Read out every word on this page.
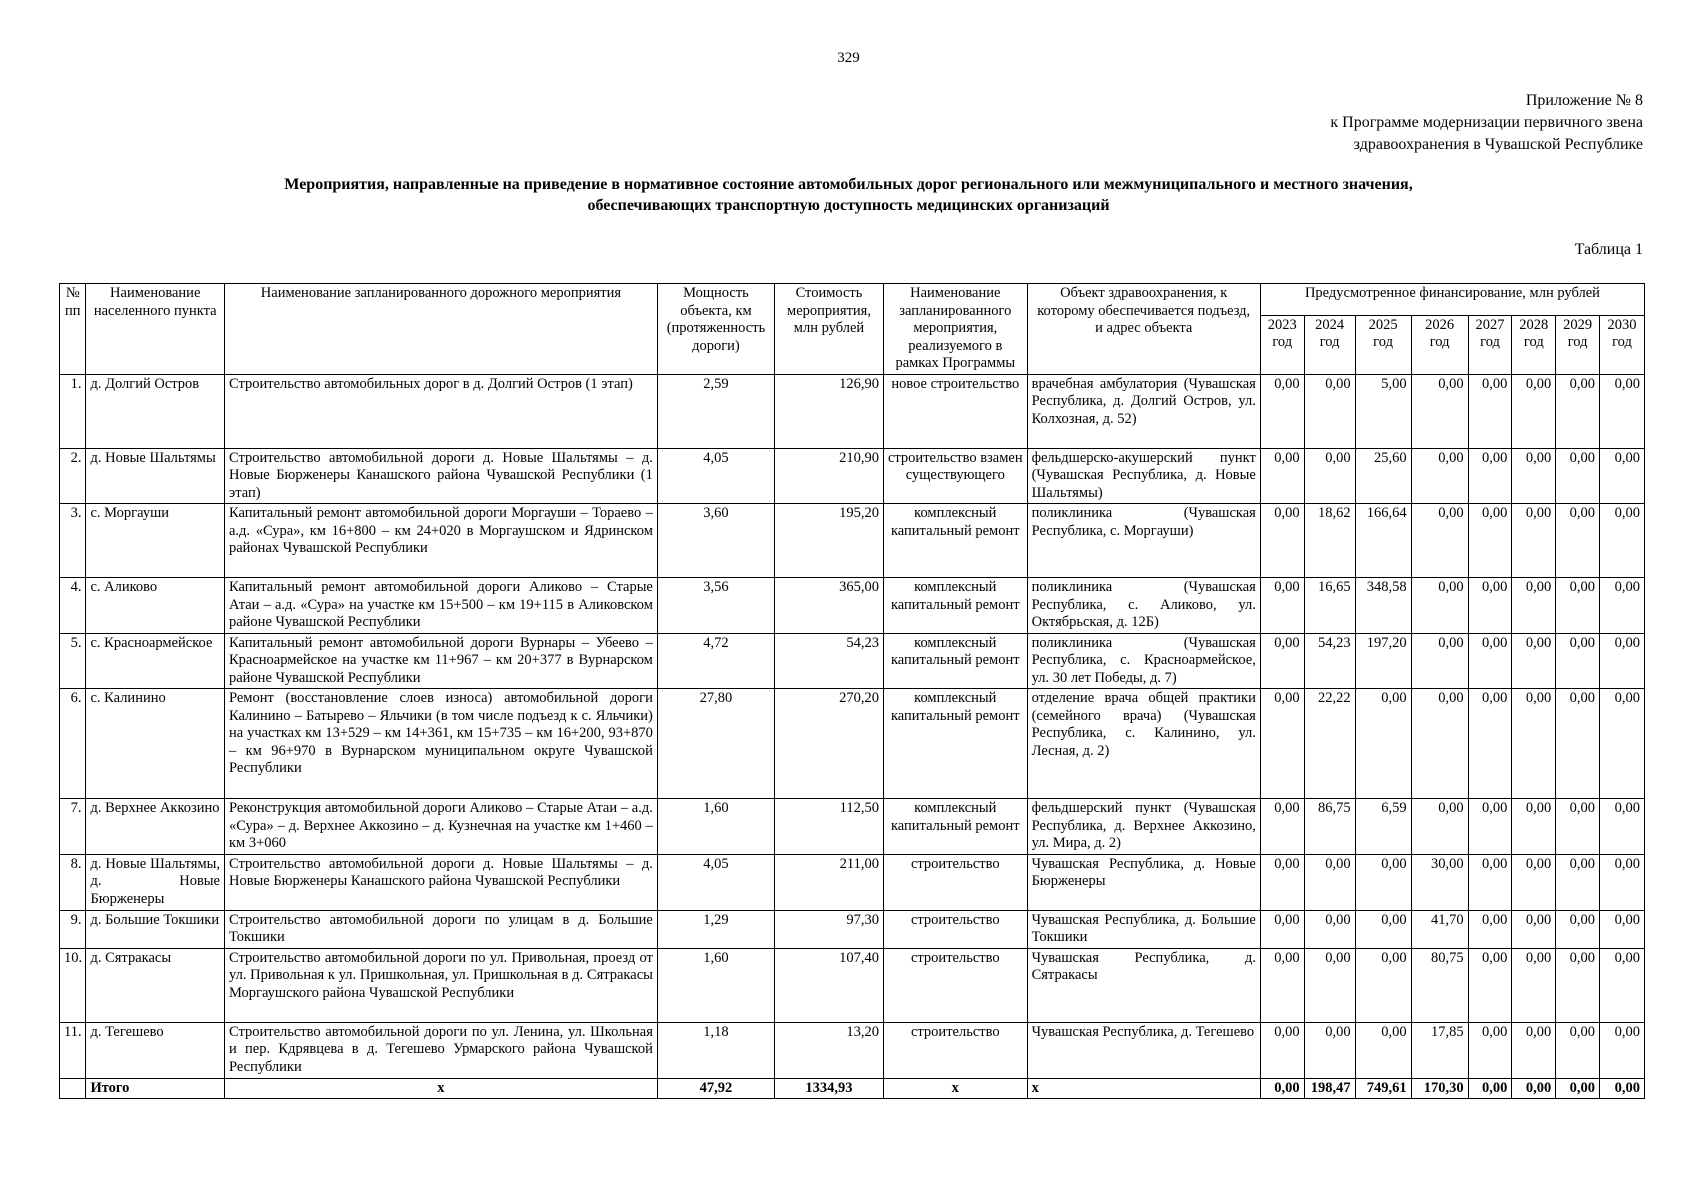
329
Приложение № 8
к Программе модернизации первичного звена
здравоохранения в Чувашской Республике
Мероприятия, направленные на приведение в нормативное состояние автомобильных дорог регионального или межмуниципального и местного значения,
обеспечивающих транспортную доступность медицинских организаций
Таблица 1
№ пп	Наименование населенного пункта	Наименование запланированного дорожного мероприятия	Мощность объекта, км (протяженность дороги)	Стоимость мероприятия, млн рублей	Наименование запланированного мероприятия, реализуемого в рамках Программы	Объект здравоохранения, к которому обеспечивается подъезд, и адрес объекта	Предусмотренное финансирование, млн рублей							
							2023 год	2024 год	2025 год	2026 год	2027 год	2028 год	2029 год	2030 год
1.	д. Долгий Остров	Строительство автомобильных дорог в д. Долгий Остров (1 этап)	2,59	126,90	новое строительство	врачебная амбулатория (Чувашская Республика, д. Долгий Остров, ул. Колхозная, д. 52)	0,00	0,00	5,00	0,00	0,00	0,00	0,00	0,00
2.	д. Новые Шальтямы	Строительство автомобильной дороги д. Новые Шальтямы – д. Новые Бюрженеры Канашского района Чувашской Республики (1 этап)	4,05	210,90	строительство взамен существующего	фельдшерско-акушерский пункт (Чувашская Республика, д. Новые Шальтямы)	0,00	0,00	25,60	0,00	0,00	0,00	0,00	0,00
3.	с. Моргауши	Капитальный ремонт автомобильной дороги Моргауши – Тораево – а.д. «Сура», км 16+800 – км 24+020 в Моргаушском и Ядринском районах Чувашской Республики	3,60	195,20	комплексный капитальный ремонт	поликлиника (Чувашская Республика, с. Моргауши)	0,00	18,62	166,64	0,00	0,00	0,00	0,00	0,00
4.	с. Аликово	Капитальный ремонт автомобильной дороги Аликово – Старые Атаи – а.д. «Сура» на участке км 15+500 – км 19+115 в Аликовском районе Чувашской Республики	3,56	365,00	комплексный капитальный ремонт	поликлиника (Чувашская Республика, с. Аликово, ул. Октябрьская, д. 12Б)	0,00	16,65	348,58	0,00	0,00	0,00	0,00	0,00
5.	с. Красноармейское	Капитальный ремонт автомобильной дороги Вурнары – Убеево – Красноармейское на участке км 11+967 – км 20+377 в Вурнарском районе Чувашской Республики	4,72	54,23	комплексный капитальный ремонт	поликлиника (Чувашская Республика, с. Красноармейское, ул. 30 лет Победы, д. 7)	0,00	54,23	197,20	0,00	0,00	0,00	0,00	0,00
6.	с. Калинино	Ремонт (восстановление слоев износа) автомобильной дороги Калинино – Батырево – Яльчики (в том числе подъезд к с. Яльчики) на участках км 13+529 – км 14+361, км 15+735 – км 16+200, 93+870 – км 96+970 в Вурнарском муниципальном округе Чувашской Республики	27,80	270,20	комплексный капитальный ремонт	отделение врача общей практики (семейного врача) (Чувашская Республика, с. Калинино, ул. Лесная, д. 2)	0,00	22,22	0,00	0,00	0,00	0,00	0,00	0,00
7.	д. Верхнее Аккозино	Реконструкция автомобильной дороги Аликово – Старые Атаи – а.д. «Сура» – д. Верхнее Аккозино – д. Кузнечная на участке км 1+460 – км 3+060	1,60	112,50	комплексный капитальный ремонт	фельдшерский пункт (Чувашская Республика, д. Верхнее Аккозино, ул. Мира, д. 2)	0,00	86,75	6,59	0,00	0,00	0,00	0,00	0,00
8.	д. Новые Шальтямы, д. Новые Бюрженеры	Строительство автомобильной дороги д. Новые Шальтямы – д. Новые Бюрженеры Канашского района Чувашской Республики	4,05	211,00	строительство	Чувашская Республика, д. Новые Бюрженеры	0,00	0,00	0,00	30,00	0,00	0,00	0,00	0,00
9.	д. Большие Токшики	Строительство автомобильной дороги по улицам в д. Большие Токшики	1,29	97,30	строительство	Чувашская Республика, д. Большие Токшики	0,00	0,00	0,00	41,70	0,00	0,00	0,00	0,00
10.	д. Сятракасы	Строительство автомобильной дороги по ул. Привольная, проезд от ул. Привольная к ул. Пришкольная, ул. Пришкольная в д. Сятракасы Моргаушского района Чувашской Республики	1,60	107,40	строительство	Чувашская Республика, д. Сятракасы	0,00	0,00	0,00	80,75	0,00	0,00	0,00	0,00
11.	д. Тегешево	Строительство автомобильной дороги по ул. Ленина, ул. Школьная и пер. Кдрявцева в д. Тегешево Урмарского района Чувашской Республики	1,18	13,20	строительство	Чувашская Республика, д. Тегешево	0,00	0,00	0,00	17,85	0,00	0,00	0,00	0,00
	Итого	х	47,92	1334,93	х	х	0,00	198,47	749,61	170,30	0,00	0,00	0,00	0,00
